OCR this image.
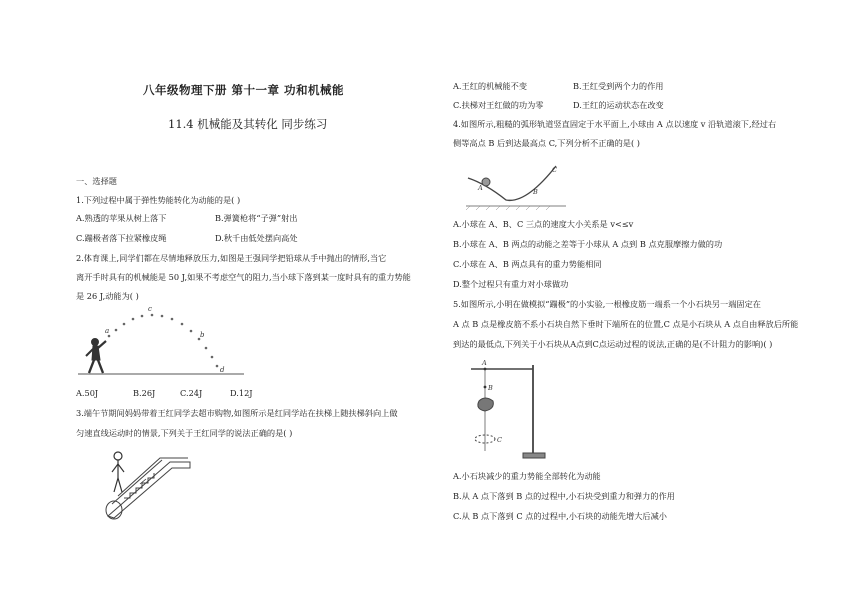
八年级物理下册 第十一章 功和机械能
11.4 机械能及其转化 同步练习
一、选择题
1.下列过程中属于弹性势能转化为动能的是( )
A.熟透的苹果从树上落下	B.弹簧枪将“子弹”射出
C.蹦极者落下拉紧橡皮绳	D.秋千由低处摆向高处
2.体育课上,同学们都在尽情地释放压力,如图是王强同学把铅球从手中抛出的情形,当它
离开手时具有的机械能是 50 J,如果不考虑空气的阻力,当小球下落到某一度时具有的重力势能
是 26 J,动能为( )
a
c
b
d
A.50J	B.26J	C.24J	D.12J
3.端午节期间妈妈带着王红同学去超市购物,如图所示是红同学站在扶梯上随扶梯斜向上做
匀速直线运动时的情景,下列关于王红同学的说法正确的是( )
A.王红的机械能不变	B.王红受到两个力的作用
C.扶梯对王红做的功为零	D.王红的运动状态在改变
4.如图所示,粗糙的弧形轨道竖直固定于水平面上,小球由 A 点以速度 v 沿轨道滚下,经过右
侧等高点 B 后到达最高点 C,下列分析不正确的是( )
A	B
C
A.小球在 A、B、C 三点的速度大小关系是 v<≤v
B.小球在 A、B 两点的动能之差等于小球从 A 点到 B 点克服摩擦力做的功
C.小球在 A、B 两点具有的重力势能相同
D.整个过程只有重力对小球做功
5.如图所示,小明在做模拟“蹦极”的小实验,一根橡皮筋一端系一个小石块另一端固定在
A 点 B 点是橡皮筋不系小石块自然下垂时下端所在的位置,C 点是小石块从 A 点自由释放后所能
到达的最低点,下列关于小石块从A点到C点运动过程的说法,正确的是(不计阻力的影响)( )
A
B
C
A.小石块减少的重力势能全部转化为动能
B.从 A 点下落到 B 点的过程中,小石块受到重力和弹力的作用
C.从 B 点下落到 C 点的过程中,小石块的动能先增大后减小
